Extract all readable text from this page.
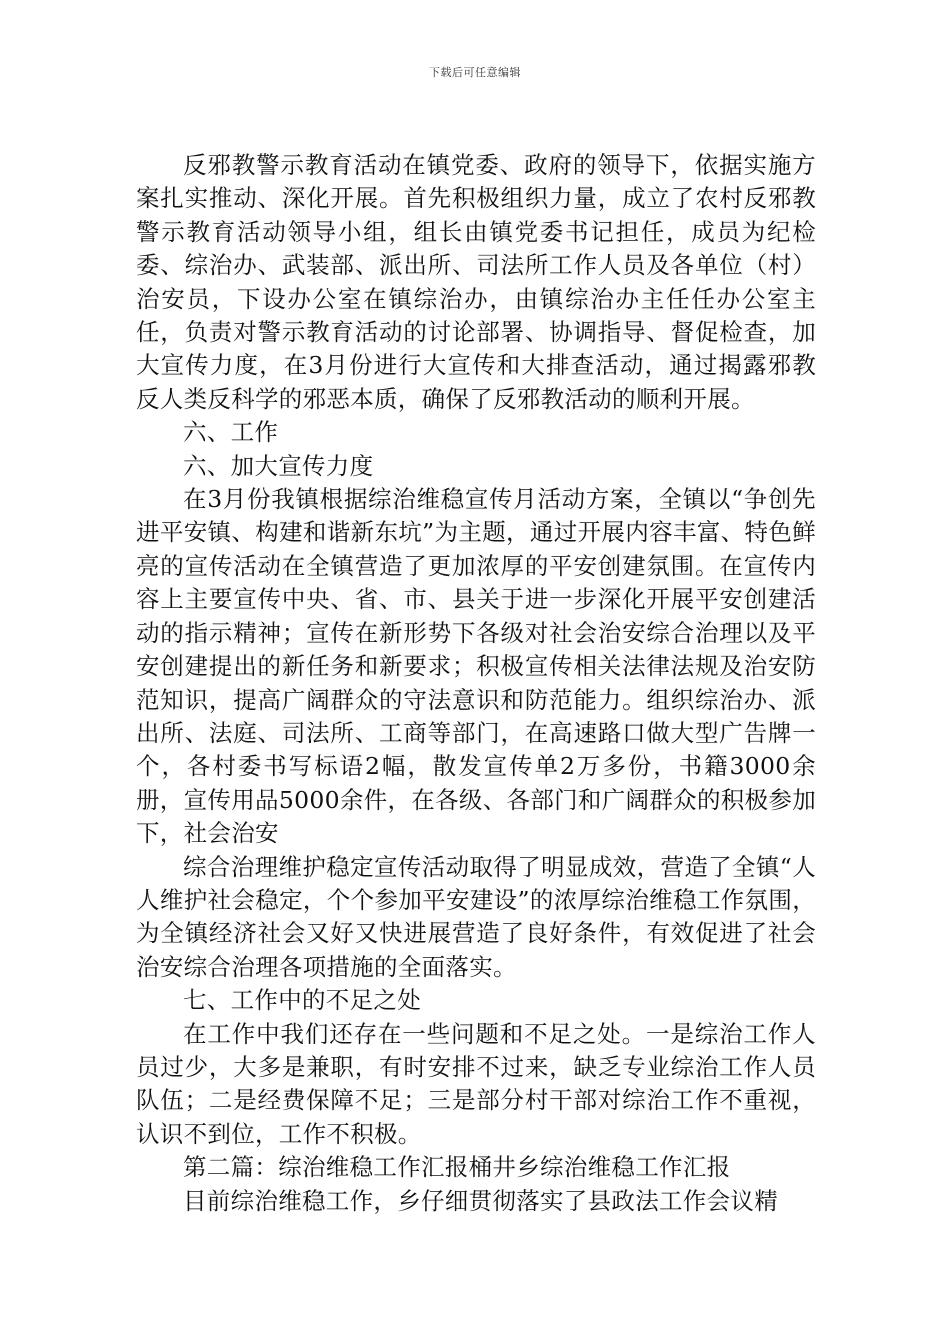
下载后可任意编辑

反邪教警示教育活动在镇党委、政府的领导下，依据实施方案扎实推动、深化开展。首先积极组织力量，成立了农村反邪教警示教育活动领导小组，组长由镇党委书记担任，成员为纪检委、综治办、武装部、派出所、司法所工作人员及各单位（村）治安员，下设办公室在镇综治办，由镇综治办主任任办公室主任，负责对警示教育活动的讨论部署、协调指导、督促检查，加大宣传力度，在3月份进行大宣传和大排查活动，通过揭露邪教反人类反科学的邪恶本质，确保了反邪教活动的顺利开展。

六、工作

六、加大宣传力度

在3月份我镇根据综治维稳宣传月活动方案，全镇以“争创先进平安镇、构建和谐新东坑”为主题，通过开展内容丰富、特色鲜亮的宣传活动在全镇营造了更加浓厚的平安创建氛围。在宣传内容上主要宣传中央、省、市、县关于进一步深化开展平安创建活动的指示精神；宣传在新形势下各级对社会治安综合治理以及平安创建提出的新任务和新要求；积极宣传相关法律法规及治安防范知识，提高广阔群众的守法意识和防范能力。组织综治办、派出所、法庭、司法所、工商等部门，在高速路口做大型广告牌一个，各村委书写标语2幅，散发宣传单2万多份，书籍3000余册，宣传用品5000余件，在各级、各部门和广阔群众的积极参加下，社会治安

综合治理维护稳定宣传活动取得了明显成效，营造了全镇“人人维护社会稳定，个个参加平安建设”的浓厚综治维稳工作氛围，为全镇经济社会又好又快进展营造了良好条件，有效促进了社会治安综合治理各项措施的全面落实。

七、工作中的不足之处

在工作中我们还存在一些问题和不足之处。一是综治工作人员过少，大多是兼职，有时安排不过来，缺乏专业综治工作人员队伍；二是经费保障不足；三是部分村干部对综治工作不重视，认识不到位，工作不积极。

第二篇：综治维稳工作汇报桶井乡综治维稳工作汇报

目前综治维稳工作，乡仔细贯彻落实了县政法工作会议精
